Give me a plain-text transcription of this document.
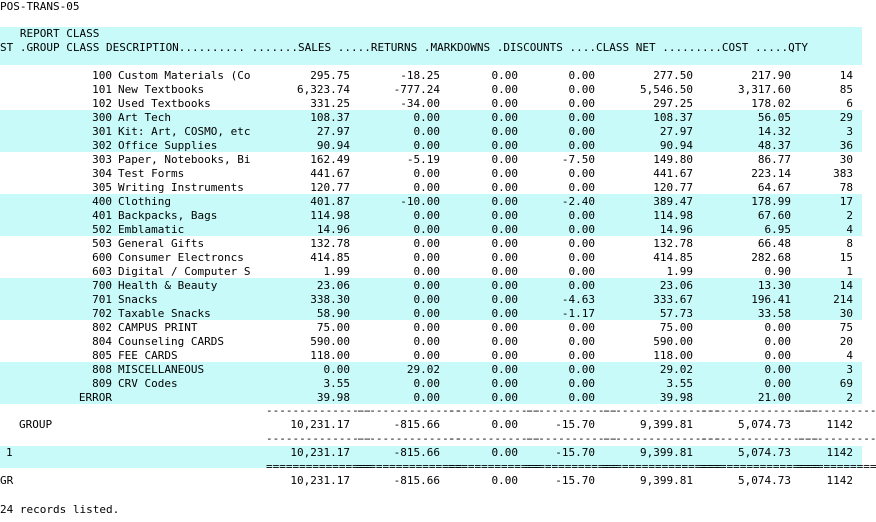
POS-TRANS-05
REPORT CLASS
ST .GROUP CLASS DESCRIPTION.......... .......SALES .....RETURNS .MARKDOWNS .DISCOUNTS ....CLASS NET .........COST .....QTY
100 Custom Materials (Co	295.75	-18.25	0.00	0.00	277.50	217.90	14
101 New Textbooks	6,323.74	-777.24	0.00	0.00	5,546.50	3,317.60	85
102 Used Textbooks	331.25	-34.00	0.00	0.00	297.25	178.02	6
300 Art Tech	108.37	0.00	0.00	0.00	108.37	56.05	29
301 Kit: Art, COSMO, etc	27.97	0.00	0.00	0.00	27.97	14.32	3
302 Office Supplies	90.94	0.00	0.00	0.00	90.94	48.37	36
303 Paper, Notebooks, Bi	162.49	-5.19	0.00	-7.50	149.80	86.77	30
304 Test Forms	441.67	0.00	0.00	0.00	441.67	223.14	383
305 Writing Instruments	120.77	0.00	0.00	0.00	120.77	64.67	78
400 Clothing	401.87	-10.00	0.00	-2.40	389.47	178.99	17
401 Backpacks, Bags	114.98	0.00	0.00	0.00	114.98	67.60	2
502 Emblamatic	14.96	0.00	0.00	0.00	14.96	6.95	4
503 General Gifts	132.78	0.00	0.00	0.00	132.78	66.48	8
600 Consumer Electroncs	414.85	0.00	0.00	0.00	414.85	282.68	15
603 Digital / Computer S	1.99	0.00	0.00	0.00	1.99	0.90	1
700 Health & Beauty	23.06	0.00	0.00	0.00	23.06	13.30	14
701 Snacks	338.30	0.00	0.00	-4.63	333.67	196.41	214
702 Taxable Snacks	58.90	0.00	0.00	-1.17	57.73	33.58	30
802 CAMPUS PRINT	75.00	0.00	0.00	0.00	75.00	0.00	75
804 Counseling CARDS	590.00	0.00	0.00	0.00	590.00	0.00	20
805 FEE CARDS	118.00	0.00	0.00	0.00	118.00	0.00	4
808 MISCELLANEOUS	0.00	29.02	0.00	0.00	29.02	0.00	3
809 CRV Codes	3.55	0.00	0.00	0.00	3.55	0.00	69
ERROR	39.98	0.00	0.00	0.00	39.98	21.00	2
----------------
----------------
--------------
--------------
------------------
------------------
------------
GROUP	10,231.17	-815.66	0.00	-15.70	9,399.81	5,074.73	1142
----------------
----------------
--------------
--------------
------------------
------------------
------------
1	10,231.17	-815.66	0.00	-15.70	9,399.81	5,074.73	1142
================
================
==============
==============
==================
==================
============
GR	10,231.17	-815.66	0.00	-15.70	9,399.81	5,074.73	1142
24 records listed.
